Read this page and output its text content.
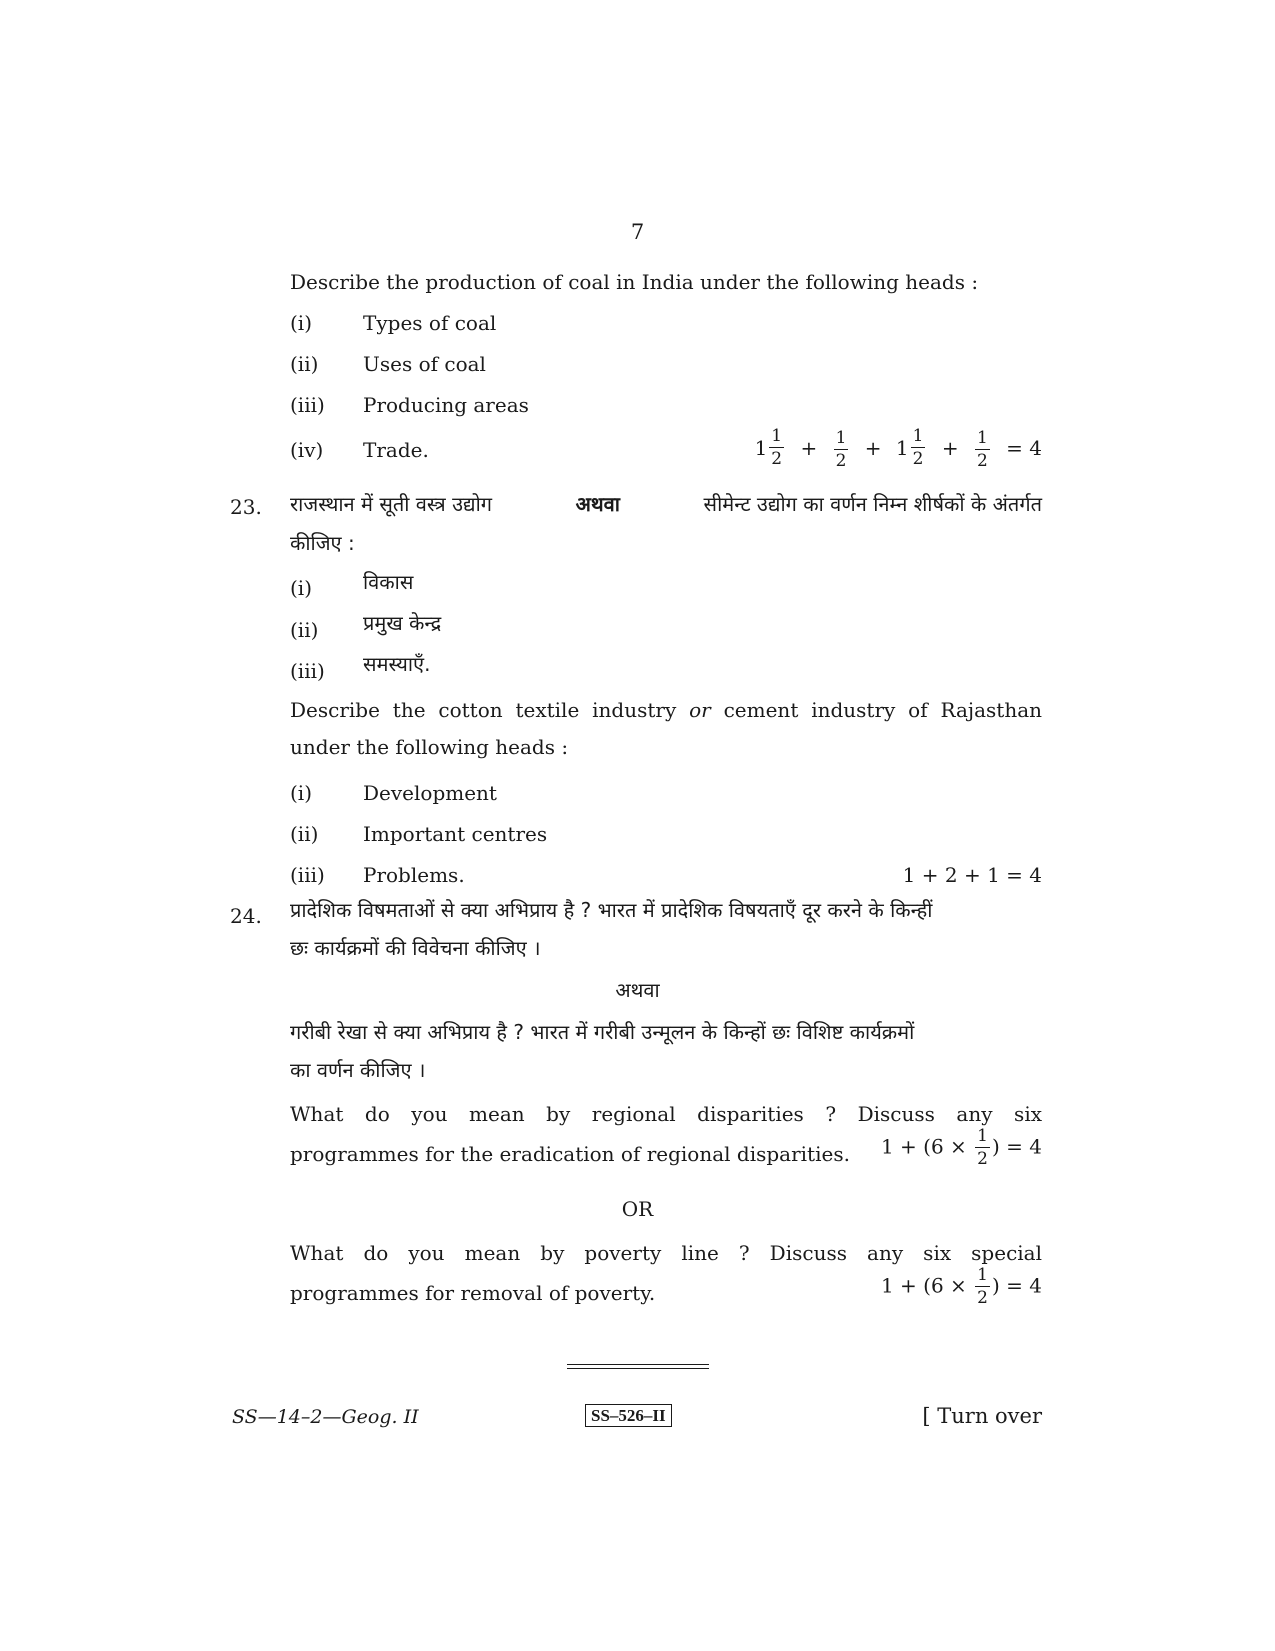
7
Describe the production of coal in India under the following heads :
(i)	Types of coal
(ii) Uses of coal
(iii) Producing areas
(iv) Trade.	$1 \frac{1}{2} + \frac{1}{2} + 1 \frac{1}{2} + \frac{1}{2} = 4$
23. राजस्थान में सूती वस्त्र उद्योग	अथवा	सीमेन्ट उद्योग का वर्णन निम्न शीर्षकों के अंतर्गत
कीजिए :
(i)	विकास
(ii) प्रमुख केन्द्र
(iii) समस्याएँ.
Describe the cotton textile industry or cement industry of Rajasthan under the following heads :
(i)	Development
(ii) Important centres
(iii) Problems.	1 + 2 + 1 = 4
24. प्रादेशिक विषमताओं से क्या अभिप्राय है ? भारत में प्रादेशिक विषयताएँ दूर करने के किन्हीं
छः कार्यक्रमों की विवेचना कीजिए ।
अथवा
गरीबी रेखा से क्या अभिप्राय है ? भारत में गरीबी उन्मूलन के किन्हों छः विशिष्ट कार्यक्रमों
का वर्णन कीजिए ।
What do you mean by regional disparities ? Discuss any six
programmes for the eradication of regional disparities. $1 + (6 \times \frac{1}{2}$ ) = 4
OR
What do you mean by poverty line ? Discuss any six special
programmes for removal of poverty.	$1 + (6 \times \frac{1}{2}$ ) = 4
SS—14–2—Geog. II	SS–526–II	[ Turn over
